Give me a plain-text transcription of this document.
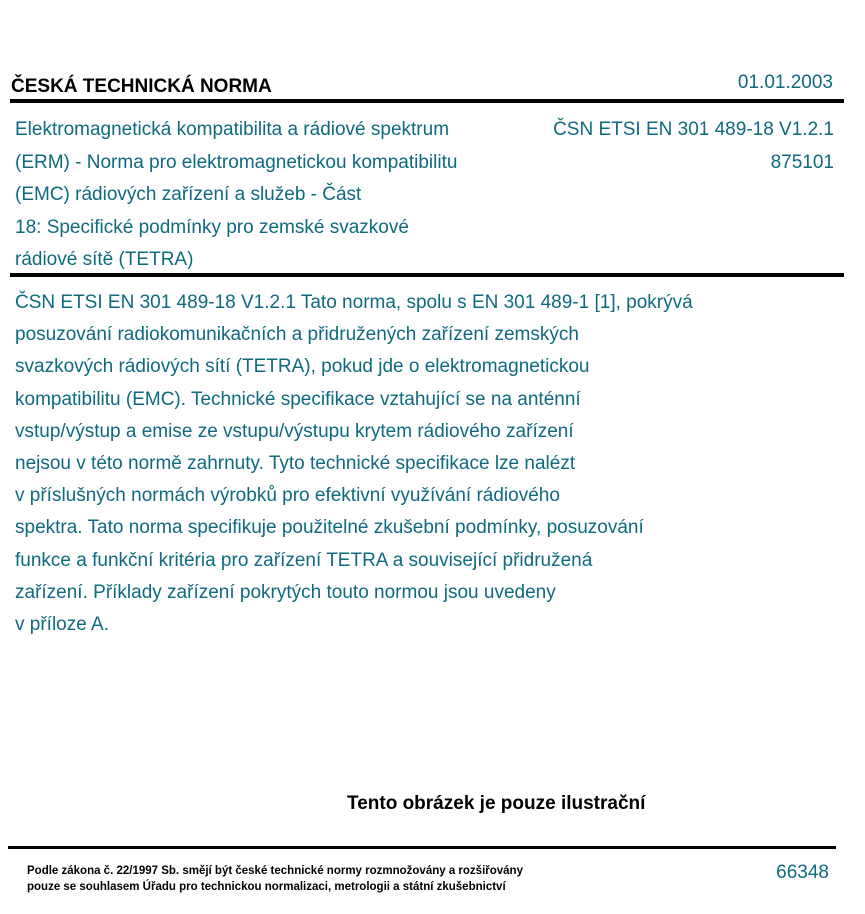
ČESKÁ TECHNICKÁ NORMA	01.01.2003
Elektromagnetická kompatibilita a rádiové spektrum
(ERM) - Norma pro elektromagnetickou kompatibilitu
(EMC) rádiových zařízení a služeb - Část
18: Specifické podmínky pro zemské svazkové
rádiové sítě (TETRA)
ČSN ETSI EN 301 489-18 V1.2.1
875101
ČSN ETSI EN 301 489-18 V1.2.1 Tato norma, spolu s EN 301 489-1 [1], pokrývá
posuzování radiokomunikačních a přidružených zařízení zemských
svazkových rádiových sítí (TETRA), pokud jde o elektromagnetickou
kompatibilitu (EMC). Technické specifikace vztahující se na anténní
vstup/výstup a emise ze vstupu/výstupu krytem rádiového zařízení
nejsou v této normě zahrnuty. Tyto technické specifikace lze nalézt
v příslušných normách výrobků pro efektivní využívání rádiového
spektra. Tato norma specifikuje použitelné zkušební podmínky, posuzování
funkce a funkční kritéria pro zařízení TETRA a související přidružená
zařízení. Příklady zařízení pokrytých touto normou jsou uvedeny
v příloze A.
Tento obrázek je pouze ilustrační
Podle zákona č. 22/1997 Sb. smějí být české technické normy rozmnožovány a rozšiřovány
pouze se souhlasem Úřadu pro technickou normalizaci, metrologii a státní zkušebnictví
66348
